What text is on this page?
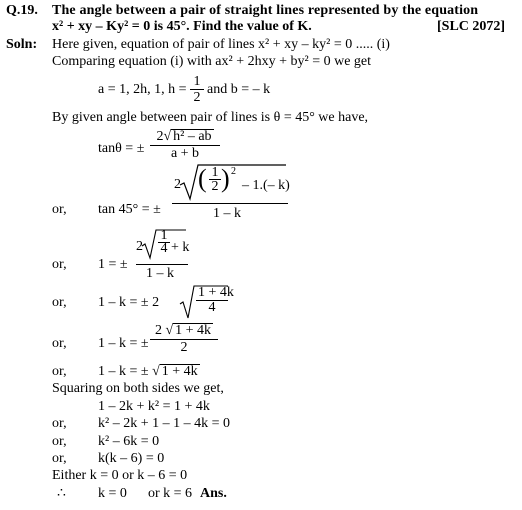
Q.19. The angle between a pair of straight lines represented by the equation
x² + xy – Ky² = 0 is 45°. Find the value of K.	[SLC 2072]
Soln: Here given, equation of pair of lines x² + xy – ky² = 0 ..... (i)
Comparing equation (i) with ax² + 2hxy + by² = 0 we get
a = 1, 2h, 1, h =
1
2
and b = – k
By given angle between pair of lines is θ = 45° we have,
tanθ = ±
2√ h² – ab
a + b
or, tan 45° = ±
2 ( 1
2 ) 2
– 1.(– k)
1 – k
or, 1 = ±
2
1
4 + k
1 – k
or, 1 – k = ± 2
1 + 4k
4
or, 1 – k = ±
2 √ 1 + 4k
2
or, 1 – k = ± √ 1 + 4k
Squaring on both sides we get,
1 – 2k + k² = 1 + 4k
or, k² – 2k + 1 – 1 – 4k = 0
or, k² – 6k = 0
or, k(k – 6) = 0
Either k = 0 or k – 6 = 0
∴ k = 0 or k = 6 Ans.
